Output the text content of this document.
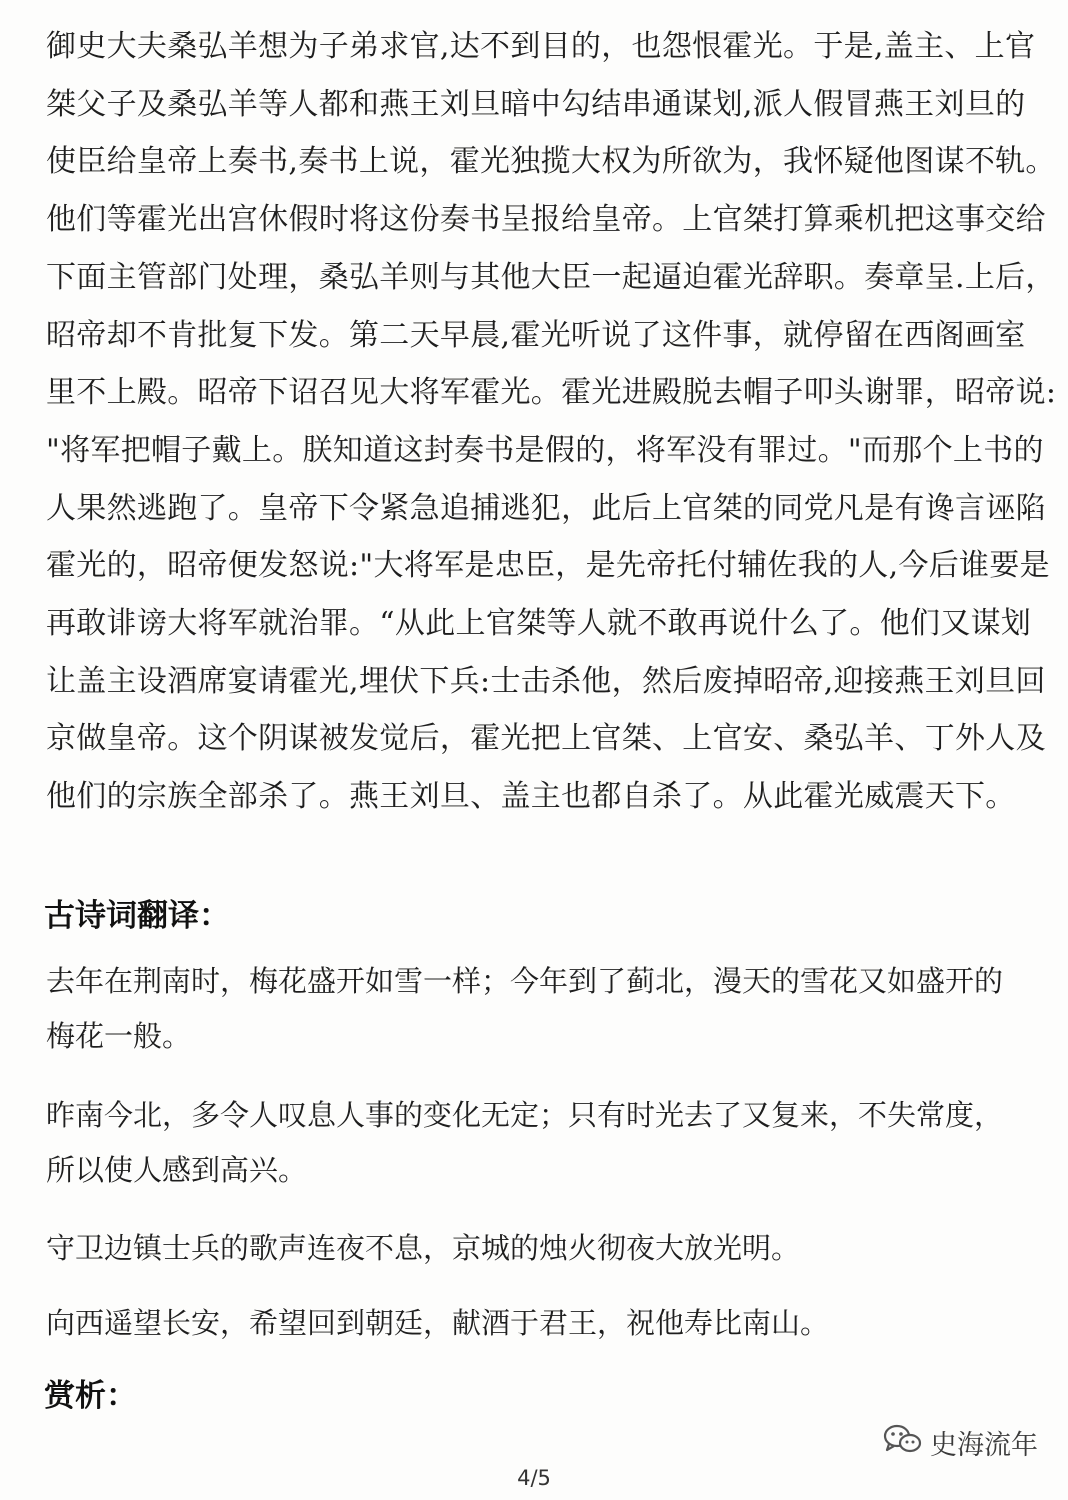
御史大夫桑弘羊想为子弟求官,达不到目的，也怨恨霍光。于是,盖主、上官
桀父子及桑弘羊等人都和燕王刘旦暗中勾结串通谋划,派人假冒燕王刘旦的
使臣给皇帝上奏书,奏书上说，霍光独揽大权为所欲为，我怀疑他图谋不轨。
他们等霍光出宫休假时将这份奏书呈报给皇帝。上官桀打算乘机把这事交给
下面主管部门处理，桑弘羊则与其他大臣一起逼迫霍光辞职。奏章呈.上后，
昭帝却不肯批复下发。第二天早晨,霍光听说了这件事，就停留在西阁画室
里不上殿。昭帝下诏召见大将军霍光。霍光进殿脱去帽子叩头谢罪，昭帝说:
"将军把帽子戴上。朕知道这封奏书是假的，将军没有罪过。"而那个上书的
人果然逃跑了。皇帝下令紧急追捕逃犯，此后上官桀的同党凡是有谗言诬陷
霍光的，昭帝便发怒说:"大将军是忠臣，是先帝托付辅佐我的人,今后谁要是
再敢诽谤大将军就治罪。“从此上官桀等人就不敢再说什么了。他们又谋划
让盖主设酒席宴请霍光,埋伏下兵:士击杀他，然后废掉昭帝,迎接燕王刘旦回
京做皇帝。这个阴谋被发觉后，霍光把上官桀、上官安、桑弘羊、丁外人及
他们的宗族全部杀了。燕王刘旦、盖主也都自杀了。从此霍光威震天下。
古诗词翻译：
去年在荆南时，梅花盛开如雪一样；今年到了蓟北，漫天的雪花又如盛开的
梅花一般。
昨南今北，多令人叹息人事的变化无定；只有时光去了又复来，不失常度，
所以使人感到高兴。
守卫边镇士兵的歌声连夜不息，京城的烛火彻夜大放光明。
向西遥望长安，希望回到朝廷，献酒于君王，祝他寿比南山。
赏析：
史海流年
4/5
